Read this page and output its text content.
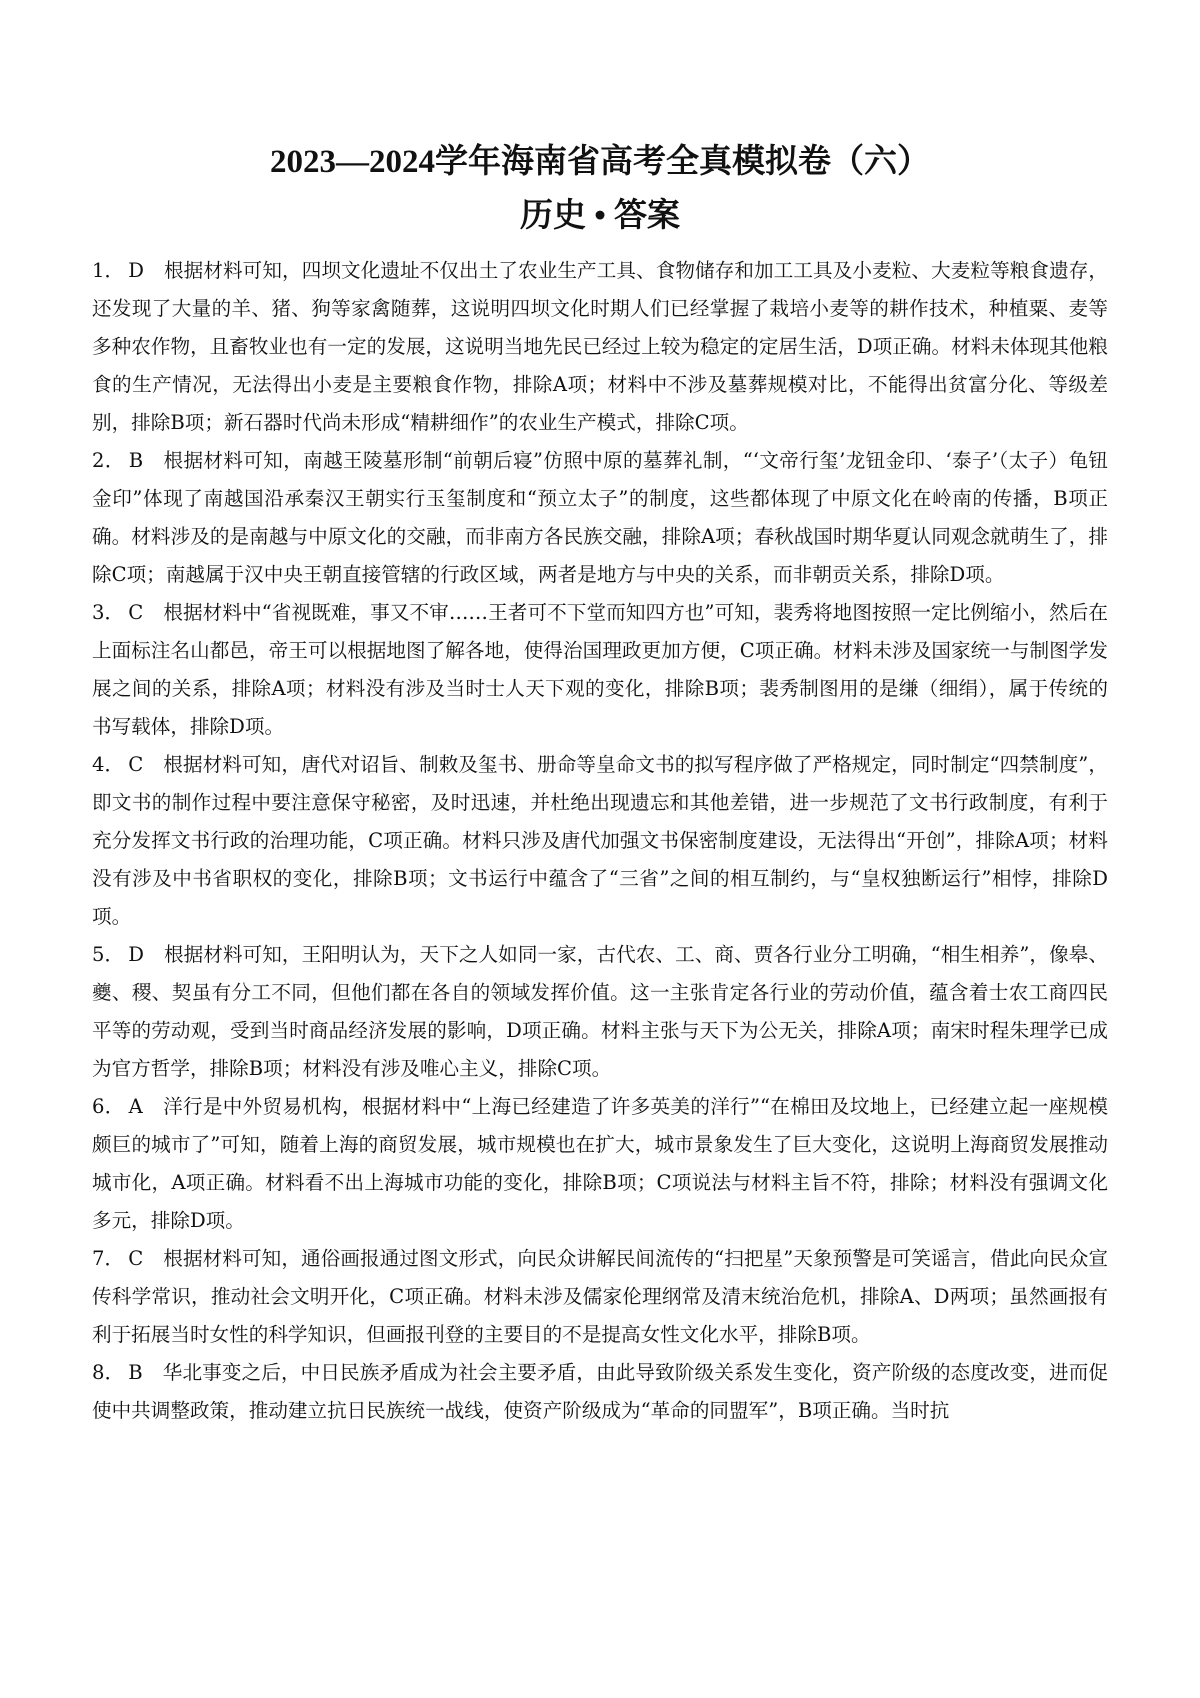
2023—2024学年海南省高考全真模拟卷（六）
历史 • 答案

1． D 根据材料可知，四坝文化遗址不仅出土了农业生产工具、食物储存和加工工具及小麦粒、大麦粒等粮食遗存，还发现了大量的羊、猪、狗等家禽随葬，这说明四坝文化时期人们已经掌握了栽培小麦等的耕作技术，种植粟、麦等多种农作物，且畜牧业也有一定的发展，这说明当地先民已经过上较为稳定的定居生活，D项正确。材料未体现其他粮食的生产情况，无法得出小麦是主要粮食作物，排除A项；材料中不涉及墓葬规模对比，不能得出贫富分化、等级差别，排除B项；新石器时代尚未形成“精耕细作”的农业生产模式，排除C项。

2． B 根据材料可知，南越王陵墓形制“前朝后寝”仿照中原的墓葬礼制，“‘文帝行玺’龙钮金印、‘泰子’（太子）龟钮金印”体现了南越国沿承秦汉王朝实行玉玺制度和“预立太子”的制度，这些都体现了中原文化在岭南的传播，B项正确。材料涉及的是南越与中原文化的交融，而非南方各民族交融，排除A项；春秋战国时期华夏认同观念就萌生了，排除C项；南越属于汉中央王朝直接管辖的行政区域，两者是地方与中央的关系，而非朝贡关系，排除D项。

3． C 根据材料中“省视既难，事又不审……王者可不下堂而知四方也”可知，裴秀将地图按照一定比例缩小，然后在上面标注名山都邑，帝王可以根据地图了解各地，使得治国理政更加方便，C项正确。材料未涉及国家统一与制图学发展之间的关系，排除A项；材料没有涉及当时士人天下观的变化，排除B项；裴秀制图用的是缣（细绢），属于传统的书写载体，排除D项。

4． C 根据材料可知，唐代对诏旨、制敕及玺书、册命等皇命文书的拟写程序做了严格规定，同时制定“四禁制度”，即文书的制作过程中要注意保守秘密，及时迅速，并杜绝出现遗忘和其他差错，进一步规范了文书行政制度，有利于充分发挥文书行政的治理功能，C项正确。材料只涉及唐代加强文书保密制度建设，无法得出“开创”，排除A项；材料没有涉及中书省职权的变化，排除B项；文书运行中蕴含了“三省”之间的相互制约，与“皇权独断运行”相悖，排除D项。

5． D 根据材料可知，王阳明认为，天下之人如同一家，古代农、工、商、贾各行业分工明确，“相生相养”，像皋、夔、稷、契虽有分工不同，但他们都在各自的领域发挥价值。这一主张肯定各行业的劳动价值，蕴含着士农工商四民平等的劳动观，受到当时商品经济发展的影响，D项正确。材料主张与天下为公无关，排除A项；南宋时程朱理学已成为官方哲学，排除B项；材料没有涉及唯心主义，排除C项。

6． A 洋行是中外贸易机构，根据材料中“上海已经建造了许多英美的洋行”“在棉田及坟地上，已经建立起一座规模颇巨的城市了”可知，随着上海的商贸发展，城市规模也在扩大，城市景象发生了巨大变化，这说明上海商贸发展推动城市化，A项正确。材料看不出上海城市功能的变化，排除B项；C项说法与材料主旨不符，排除；材料没有强调文化多元，排除D项。

7． C 根据材料可知，通俗画报通过图文形式，向民众讲解民间流传的“扫把星”天象预警是可笑谣言，借此向民众宣传科学常识，推动社会文明开化，C项正确。材料未涉及儒家伦理纲常及清末统治危机，排除A、D两项；虽然画报有利于拓展当时女性的科学知识，但画报刊登的主要目的不是提高女性文化水平，排除B项。

8． B 华北事变之后，中日民族矛盾成为社会主要矛盾，由此导致阶级关系发生变化，资产阶级的态度改变，进而促使中共调整政策，推动建立抗日民族统一战线，使资产阶级成为“革命的同盟军”，B项正确。当时抗
